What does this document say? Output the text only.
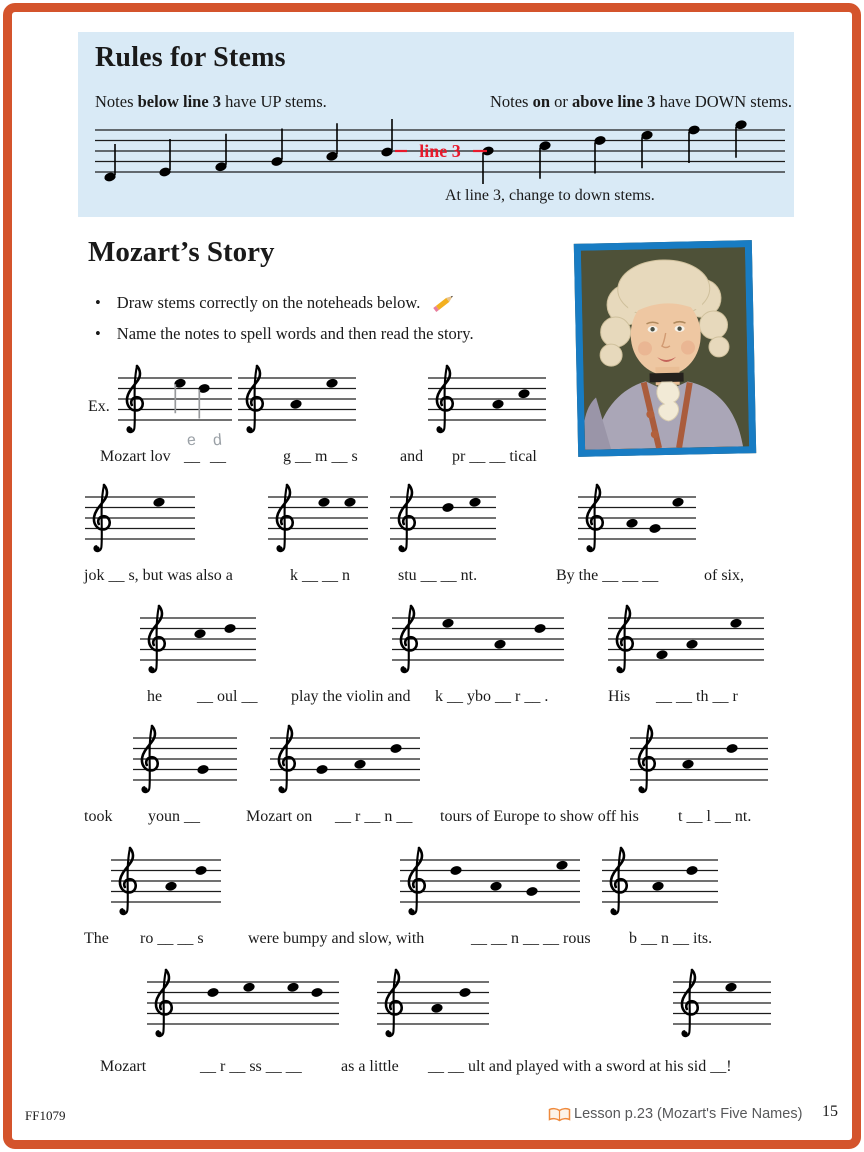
Rules for Stems
Notes below line 3 have UP stems.	Notes on or above line 3 have DOWN stems.
At line 3, change to down stems.
Mozart’s Story
• Draw stems correctly on the noteheads below.
• Name the notes to spell words and then read the story.
Mozart lov __
e
__
d
g __ m __ s	and pr __ __ tical
Ex.
jok __ s, but was also a	k __ __ n	stu __ __ nt.	By the __ __ __	of six,
he __ oul __ play the violin and k __ ybo __ r __ .	His __ __ th __ r
took youn __	Mozart on __ r __ n __ tours of Europe to show off his t __ l __ nt.
The ro __ __ s	were bumpy and slow, with	__ __ n __ __ rous b __ n __ its.
Mozart	__ r __ ss __ __ as a little __ __ ult and played with a sword at his sid __!
line 3
FF1079	Lesson p.23 (Mozart's Five Names) 15
